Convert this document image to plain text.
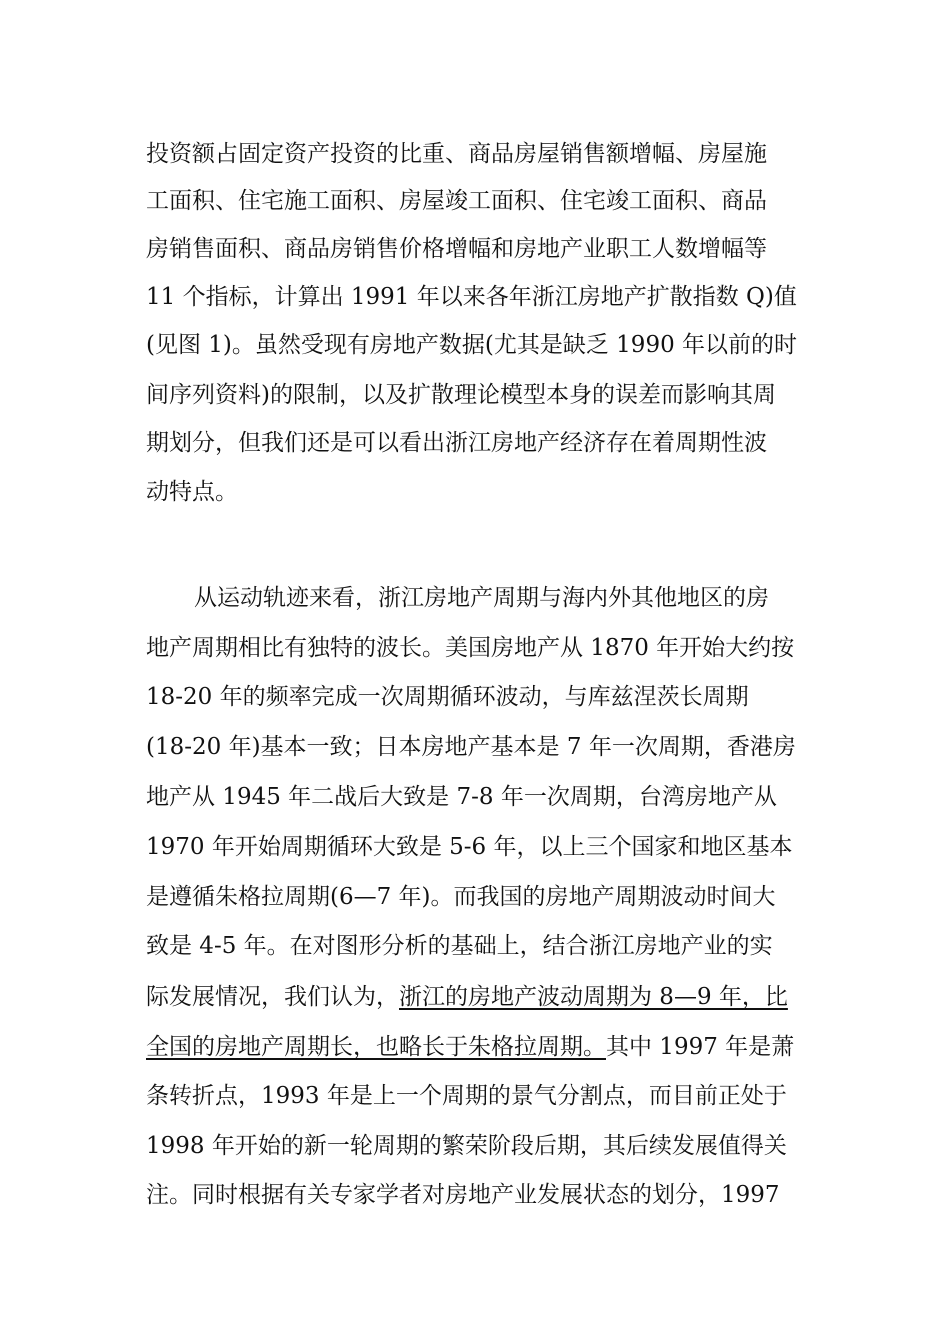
投资额占固定资产投资的比重、商品房屋销售额增幅、房屋施
工面积、住宅施工面积、房屋竣工面积、住宅竣工面积、商品
房销售面积、商品房销售价格增幅和房地产业职工人数增幅等
11 个指标，计算出 1991 年以来各年浙江房地产扩散指数 Q)值
(见图 1)。虽然受现有房地产数据(尤其是缺乏 1990 年以前的时
间序列资料)的限制，以及扩散理论模型本身的误差而影响其周
期划分，但我们还是可以看出浙江房地产经济存在着周期性波
动特点。
从运动轨迹来看，浙江房地产周期与海内外其他地区的房
地产周期相比有独特的波长。美国房地产从 1870 年开始大约按
18-20 年的频率完成一次周期循环波动，与库兹涅茨长周期
(18-20 年)基本一致；日本房地产基本是 7 年一次周期，香港房
地产从 1945 年二战后大致是 7-8 年一次周期，台湾房地产从
1970 年开始周期循环大致是 5-6 年，以上三个国家和地区基本
是遵循朱格拉周期(6—7 年)。而我国的房地产周期波动时间大
致是 4-5 年。在对图形分析的基础上，结合浙江房地产业的实
际发展情况，我们认为，浙江的房地产波动周期为 8—9 年，比
全国的房地产周期长，也略长于朱格拉周期。其中 1997 年是萧
条转折点，1993 年是上一个周期的景气分割点，而目前正处于
1998 年开始的新一轮周期的繁荣阶段后期，其后续发展值得关
注。同时根据有关专家学者对房地产业发展状态的划分，1997
